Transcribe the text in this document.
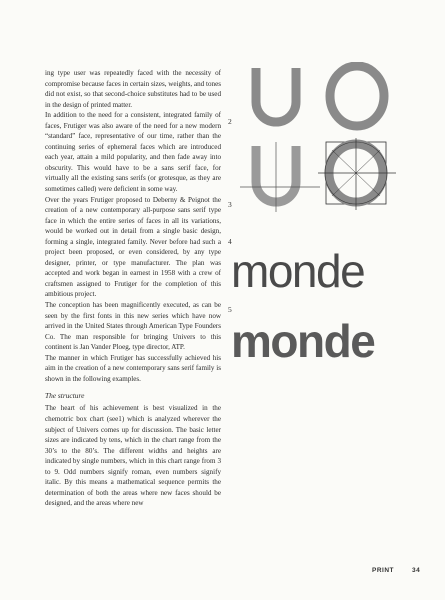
ing type user was repeatedly faced with the necessity of compromise because faces in certain sizes, weights, and tones did not exist, so that second-choice substitutes had to be used in the design of printed matter.

In addition to the need for a consistent, integrated family of faces, Frutiger was also aware of the need for a new modern “standard” face, representative of our time, rather than the continuing series of ephemeral faces which are introduced each year, attain a mild popularity, and then fade away into obscurity. This would have to be a sans serif face, for virtually all the existing sans serifs (or grotesque, as they are sometimes called) were deficient in some way.

Over the years Frutiger proposed to Deberny & Peignot the creation of a new contemporary all-purpose sans serif type face in which the entire series of faces in all its variations, would be worked out in detail from a single basic design, forming a single, integrated family. Never before had such a project been proposed, or even considered, by any type designer, printer, or type manufacturer. The plan was accepted and work began in earnest in 1958 with a crew of craftsmen assigned to Frutiger for the completion of this ambitious project.

The conception has been magnificently executed, as can be seen by the first fonts in this new series which have now arrived in the United States through American Type Founders Co. The man responsible for bringing Univers to this continent is Jan Vander Ploeg, type director, ATP.

The manner in which Frutiger has successfully achieved his aim in the creation of a new contemporary sans serif family is shown in the following examples.

The structure

The heart of his achievement is best visualized in the chemotric box chart (see1) which is analyzed wherever the subject of Univers comes up for discussion. The basic letter sizes are indicated by tens, which in the chart range from the 30’s to the 80’s. The different widths and heights are indicated by single numbers, which in this chart range from 3 to 9. Odd numbers signify roman, even numbers signify italic. By this means a mathematical sequence permits the determination of both the areas where new faces should be designed, and the areas where new

2
3
4
5
monde
monde
PRINT	34
